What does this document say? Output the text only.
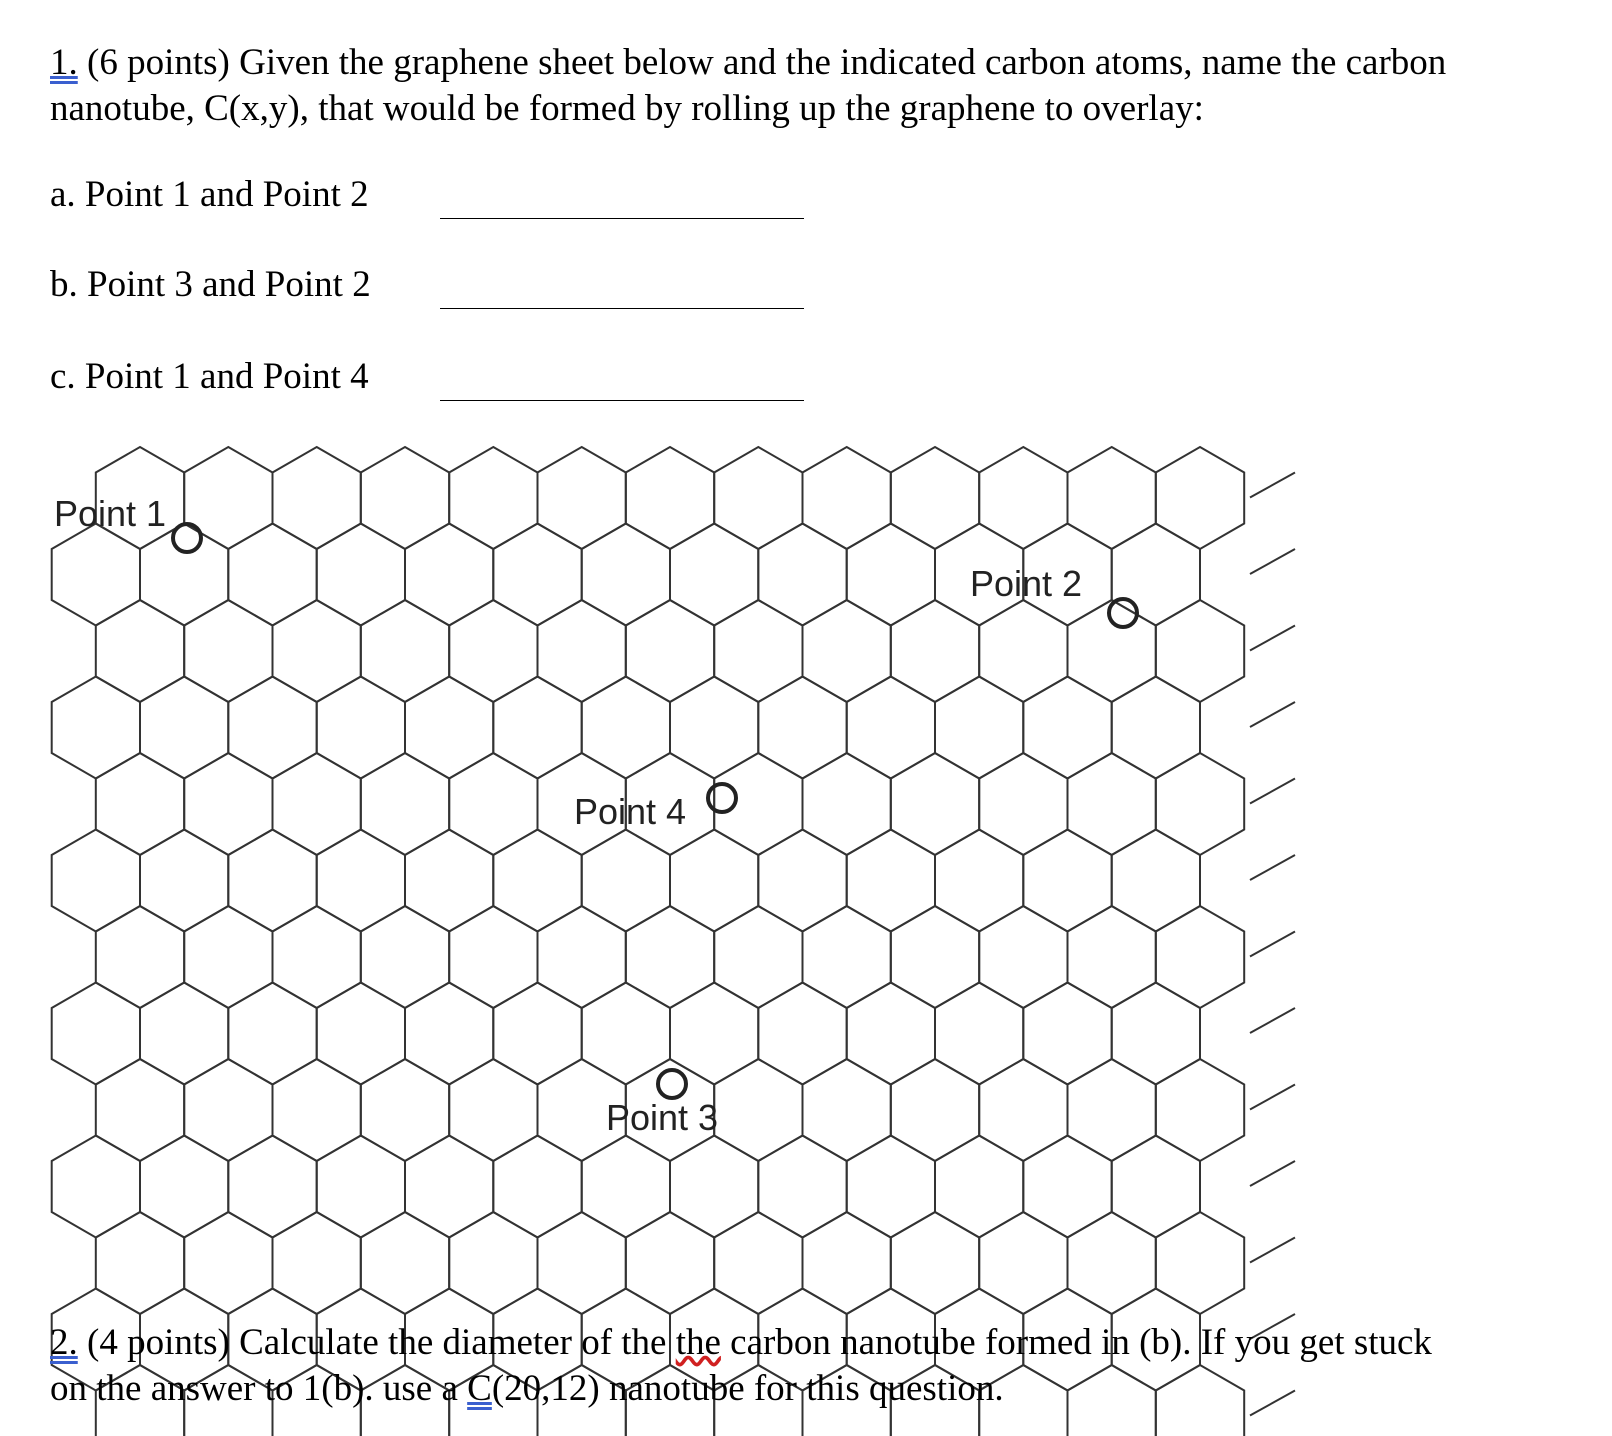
1. (6 points) Given the graphene sheet below and the indicated carbon atoms, name the carbon
nanotube, C(x,y), that would be formed by rolling up the graphene to overlay:
a. Point 1 and Point 2
b. Point 3 and Point 2
c. Point 1 and Point 4
Point 1
Point 2
Point 4
Point 3
2. (4 points) Calculate the diameter of the the carbon nanotube formed in (b). If you get stuck
on the answer to 1(b). use a C(20,12) nanotube for this question.
